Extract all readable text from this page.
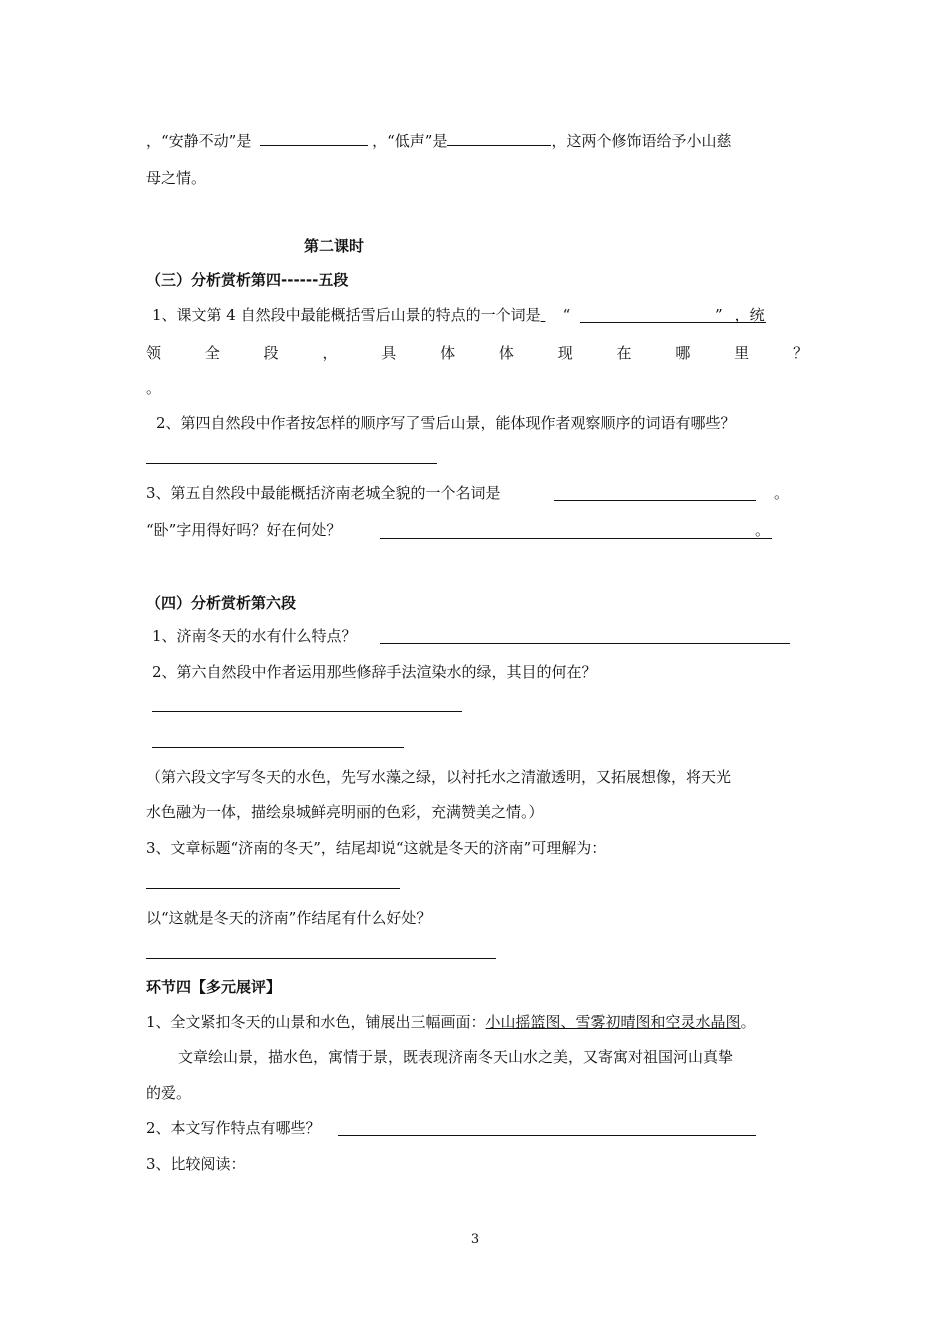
，“安静不动”是	，“低声”是	，这两个修饰语给予小山慈
母之情。
第二课时
（三）分析赏析第四------五段
1、课文第 4 自然段中最能概括雪后山景的特点的一个词是 “	” ，统
领	全	段	，	具	体	体	现	在	哪	里	？
。
2、第四自然段中作者按怎样的顺序写了雪后山景，能体现作者观察顺序的词语有哪些？
3、第五自然段中最能概括济南老城全貌的一个名词是	。
“卧”字用得好吗？好在何处？	。
（四）分析赏析第六段
1、济南冬天的水有什么特点？
2、第六自然段中作者运用那些修辞手法渲染水的绿，其目的何在？
（第六段文字写冬天的水色，先写水藻之绿，以衬托水之清澈透明，又拓展想像，将天光
水色融为一体，描绘泉城鲜亮明丽的色彩，充满赞美之情。）
3、文章标题“济南的冬天”，结尾却说“这就是冬天的济南”可理解为：
以“这就是冬天的济南”作结尾有什么好处？
环节四【多元展评】
1、全文紧扣冬天的山景和水色，铺展出三幅画面：小山摇篮图、雪雾初晴图和空灵水晶图。
文章绘山景，描水色，寓情于景，既表现济南冬天山水之美，又寄寓对祖国河山真挚
的爱。
2、本文写作特点有哪些？
3、比较阅读：
3
